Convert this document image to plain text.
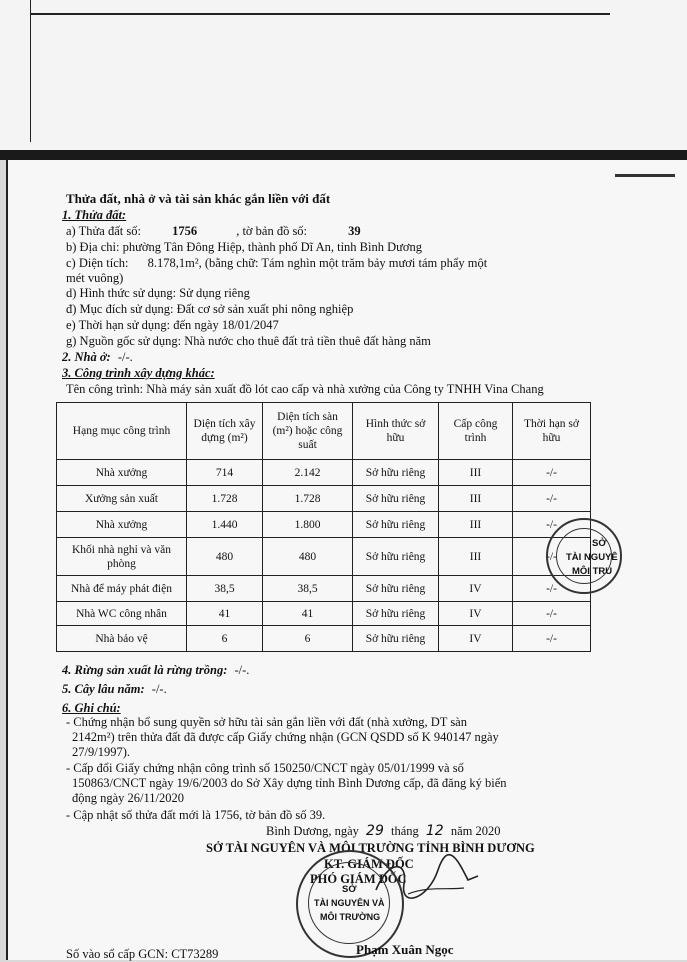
Thửa đất, nhà ở và tài sản khác gắn liền với đất
1. Thửa đất:
a) Thửa đất số: 1756	, tờ bản đồ số:	39
b) Địa chỉ: phường Tân Đông Hiệp, thành phố Dĩ An, tỉnh Bình Dương
c) Diện tích: 8.178,1m², (bằng chữ: Tám nghìn một trăm bảy mươi tám phẩy một
mét vuông)
d) Hình thức sử dụng: Sử dụng riêng
đ) Mục đích sử dụng: Đất cơ sở sản xuất phi nông nghiệp
e) Thời hạn sử dụng: đến ngày 18/01/2047
g) Nguồn gốc sử dụng: Nhà nước cho thuê đất trả tiền thuê đất hàng năm
2. Nhà ở: -/-.
3. Công trình xây dựng khác:
Tên công trình: Nhà máy sản xuất đồ lót cao cấp và nhà xưởng của Công ty TNHH Vina Chang
Hạng mục công trình	Diện tích xây dựng (m²)	Diện tích sàn (m²) hoặc công suất	Hình thức sở hữu	Cấp công trình	Thời hạn sở hữu
Nhà xưởng	714	2.142	Sở hữu riêng	III	-/-
Xưởng sản xuất	1.728	1.728	Sở hữu riêng	III	-/-
Nhà xưởng	1.440	1.800	Sở hữu riêng	III	-/-
Khối nhà nghỉ và văn phòng	480	480	Sở hữu riêng	III	-/-
Nhà để máy phát điện	38,5	38,5	Sở hữu riêng	IV	-/-
Nhà WC công nhân	41	41	Sở hữu riêng	IV	-/-
Nhà bảo vệ	6	6	Sở hữu riêng	IV	-/-
SỞ
TÀI NGUYÊ
MÔI TRU
4. Rừng sản xuất là rừng trồng: -/-.
5. Cây lâu năm: -/-.
6. Ghi chú:
- Chứng nhận bổ sung quyền sở hữu tài sản gắn liền với đất (nhà xưởng, DT sàn
2142m²) trên thửa đất đã được cấp Giấy chứng nhận (GCN QSDD số K 940147 ngày
27/9/1997).
- Cấp đổi Giấy chứng nhận công trình số 150250/CNCT ngày 05/01/1999 và số
150863/CNCT ngày 19/6/2003 do Sở Xây dựng tỉnh Bình Dương cấp, đã đăng ký biến
động ngày 26/11/2020
- Cập nhật số thửa đất mới là 1756, tờ bản đồ số 39.
Bình Dương, ngày 29 tháng 12 năm 2020
SỞ TÀI NGUYÊN VÀ MÔI TRƯỜNG TỈNH BÌNH DƯƠNG
KT. GIÁM ĐỐC
PHÓ GIÁM ĐỐC
SỞ
TÀI NGUYÊN VÀ
MÔI TRƯỜNG
Phạm Xuân Ngọc
Số vào sổ cấp GCN: CT73289
